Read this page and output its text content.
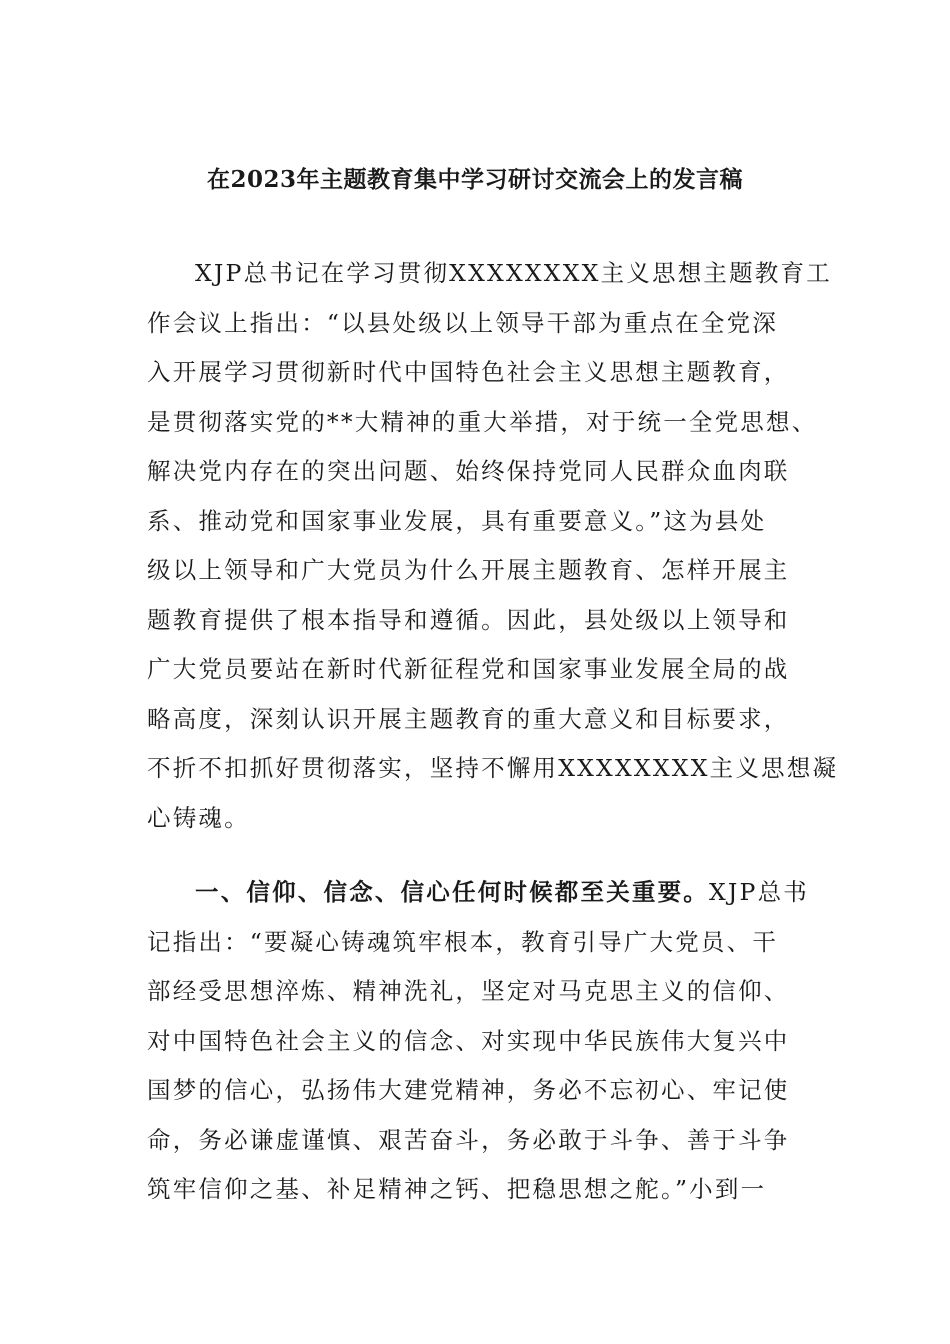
在2023年主题教育集中学习研讨交流会上的发言稿
XJP总书记在学习贯彻XXXXXXXX主义思想主题教育工
作会议上指出：“以县处级以上领导干部为重点在全党深
入开展学习贯彻新时代中国特色社会主义思想主题教育，
是贯彻落实党的**大精神的重大举措，对于统一全党思想、
解决党内存在的突出问题、始终保持党同人民群众血肉联
系、推动党和国家事业发展，具有重要意义。”这为县处
级以上领导和广大党员为什么开展主题教育、怎样开展主
题教育提供了根本指导和遵循。因此，县处级以上领导和
广大党员要站在新时代新征程党和国家事业发展全局的战
略高度，深刻认识开展主题教育的重大意义和目标要求，
不折不扣抓好贯彻落实，坚持不懈用XXXXXXXX主义思想凝
心铸魂。
一、信仰、信念、信心任何时候都至关重要。XJP总书
记指出：“要凝心铸魂筑牢根本，教育引导广大党员、干
部经受思想淬炼、精神洗礼，坚定对马克思主义的信仰、
对中国特色社会主义的信念、对实现中华民族伟大复兴中
国梦的信心，弘扬伟大建党精神，务必不忘初心、牢记使
命，务必谦虚谨慎、艰苦奋斗，务必敢于斗争、善于斗争
筑牢信仰之基、补足精神之钙、把稳思想之舵。”小到一
